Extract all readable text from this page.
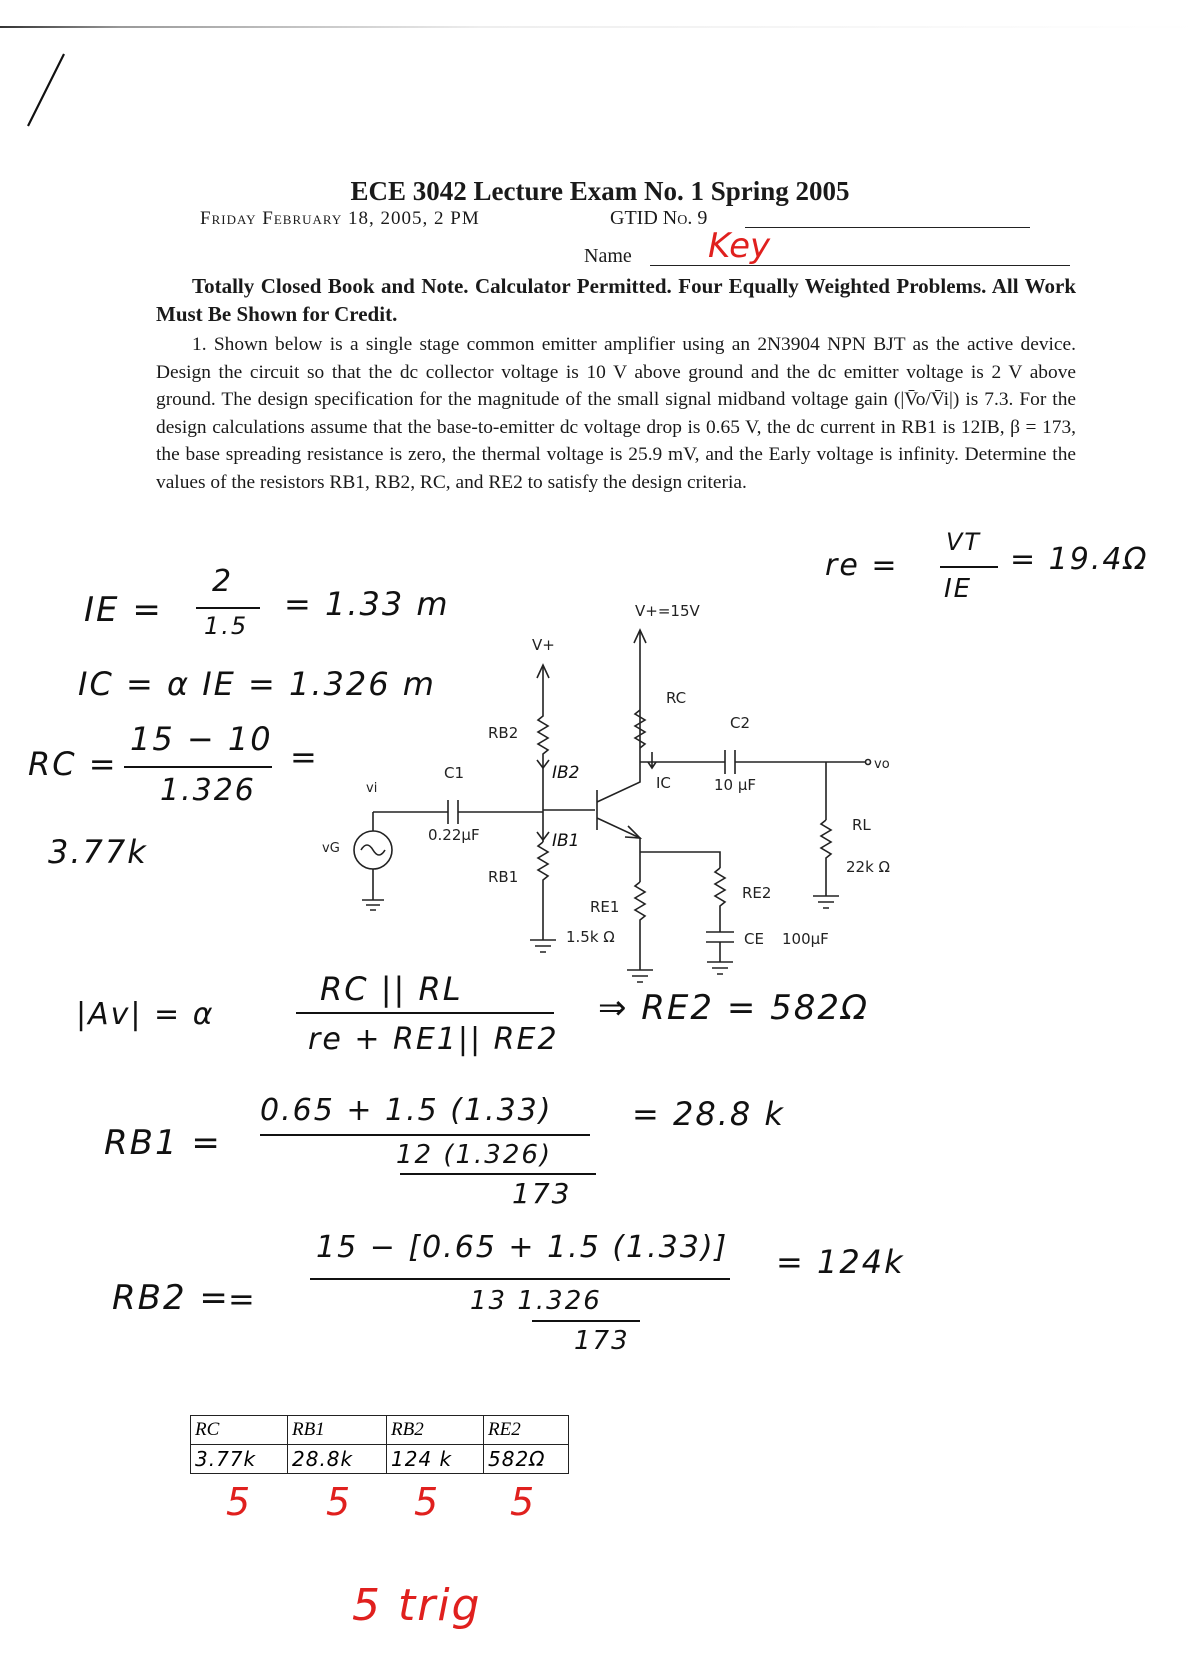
ECE 3042 Lecture Exam No. 1 Spring 2005
Friday February 18, 2005, 2 PM	GTID No. 9
Name Key
Totally Closed Book and Note. Calculator Permitted. Four Equally Weighted Problems. All Work Must Be Shown for Credit.
1. Shown below is a single stage common emitter amplifier using an 2N3904 NPN BJT as the active device. Design the circuit so that the dc collector voltage is 10 V above ground and the dc emitter voltage is 2 V above ground. The design specification for the magnitude of the small signal midband voltage gain (|V̄o/V̄i|) is 7.3. For the design calculations assume that the base-to-emitter dc voltage drop is 0.65 V, the dc current in RB1 is 12IB, β = 173, the base spreading resistance is zero, the thermal voltage is 25.9 mV, and the Early voltage is infinity. Determine the values of the resistors RB1, RB2, RC, and RE2 to satisfy the design criteria.
re =
VT
IE
= 19.4Ω
IE =
2
1.5
= 1.33 m
IC = α IE = 1.326 m
RC =
15 − 10
1.326
=
3.77k
V+=15V
V+
RB2
RB1
RC
C1
0.22μF
C2
10 μF
vi
vG
IC
RE1
1.5k Ω
RE2
CE 100μF
RL
22k Ω
vo
IB2
IB1
|Av| = α
RC || RL
re + RE1|| RE2
⇒ RE2 = 582Ω
RB1 =
0.65 + 1.5 (1.33)
12 (1.326)
173
= 28.8 k
RB2 =
=
15 − [0.65 + 1.5 (1.33)]
13 1.326
173
= 124k
RC	RB1	RB2	RE2
3.77k	28.8k	124 k	582Ω
5 5 5 5
5 trig
